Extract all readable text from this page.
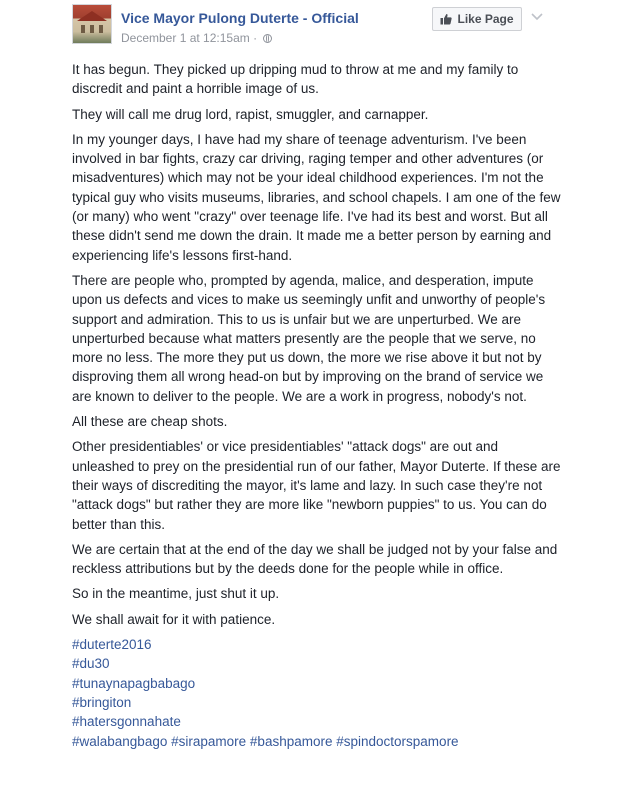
Vice Mayor Pulong Duterte - Official
December 1 at 12:15am ·
Like Page

It has begun. They picked up dripping mud to throw at me and my family to discredit and paint a horrible image of us.

They will call me drug lord, rapist, smuggler, and carnapper.

In my younger days, I have had my share of teenage adventurism. I've been involved in bar fights, crazy car driving, raging temper and other adventures (or misadventures) which may not be your ideal childhood experiences. I'm not the typical guy who visits museums, libraries, and school chapels. I am one of the few (or many) who went "crazy" over teenage life. I've had its best and worst. But all these didn't send me down the drain. It made me a better person by earning and experiencing life's lessons first-hand.

There are people who, prompted by agenda, malice, and desperation, impute upon us defects and vices to make us seemingly unfit and unworthy of people's support and admiration. This to us is unfair but we are unperturbed. We are unperturbed because what matters presently are the people that we serve, no more no less. The more they put us down, the more we rise above it but not by disproving them all wrong head-on but by improving on the brand of service we are known to deliver to the people. We are a work in progress, nobody's not.

All these are cheap shots.

Other presidentiables' or vice presidentiables' "attack dogs" are out and unleashed to prey on the presidential run of our father, Mayor Duterte. If these are their ways of discrediting the mayor, it's lame and lazy. In such case they're not "attack dogs" but rather they are more like "newborn puppies" to us. You can do better than this.

We are certain that at the end of the day we shall be judged not by your false and reckless attributions but by the deeds done for the people while in office.

So in the meantime, just shut it up.

We shall await for it with patience.

#duterte2016
#du30
#tunaynapagbabago
#bringiton
#hatersgonnahate
#walabangbago #sirapamore #bashpamore #spindoctorspamore
